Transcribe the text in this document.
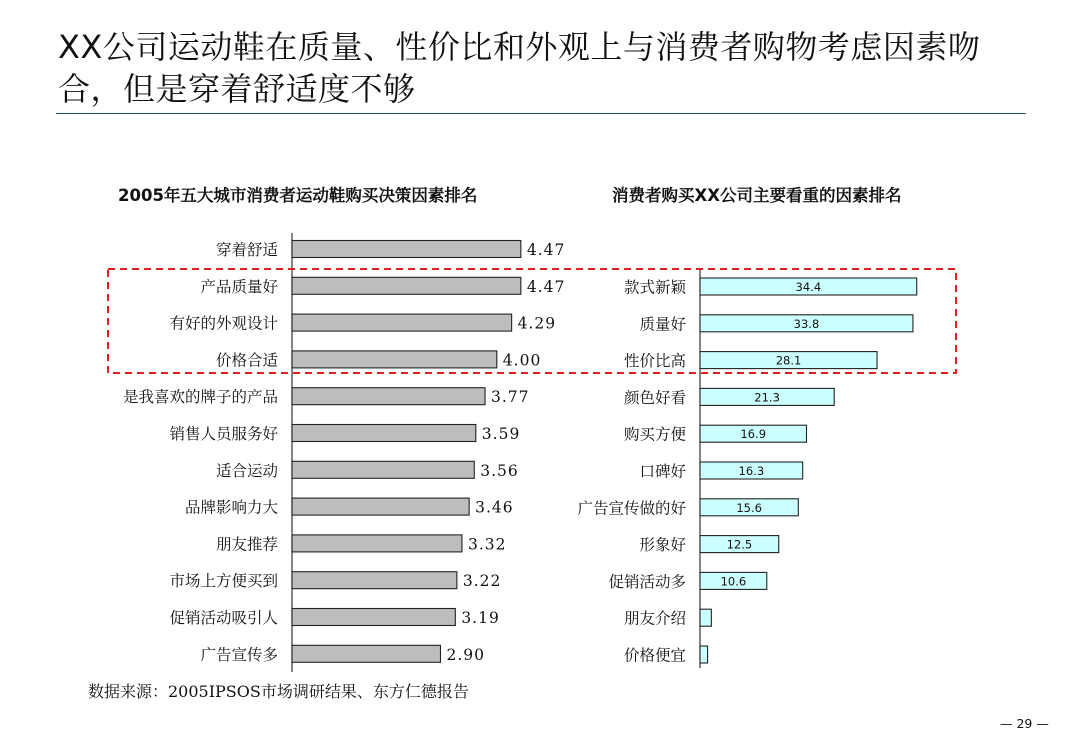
XX公司运动鞋在质量、性价比和外观上与消费者购物考虑因素吻合，但是穿着舒适度不够
2005年五大城市消费者运动鞋购买决策因素排名	消费者购买XX公司主要看重的因素排名
穿着舒适	4.47
产品质量好	4.47
有好的外观设计	4.29
价格合适	4.00
是我喜欢的牌子的产品	3.77
销售人员服务好	3.59
适合运动	3.56
品牌影响力大	3.46
朋友推荐	3.32
市场上方便买到	3.22
促销活动吸引人	3.19
广告宣传多	2.90
款式新颖	34.4
质量好	33.8
性价比高	28.1
颜色好看	21.3
购买方便	16.9
口碑好	16.3
广告宣传做的好	15.6
形象好	12.5
促销活动多	10.6
朋友介绍
价格便宜
数据来源：2005IPSOS市场调研结果、东方仁德报告
— 29 —
